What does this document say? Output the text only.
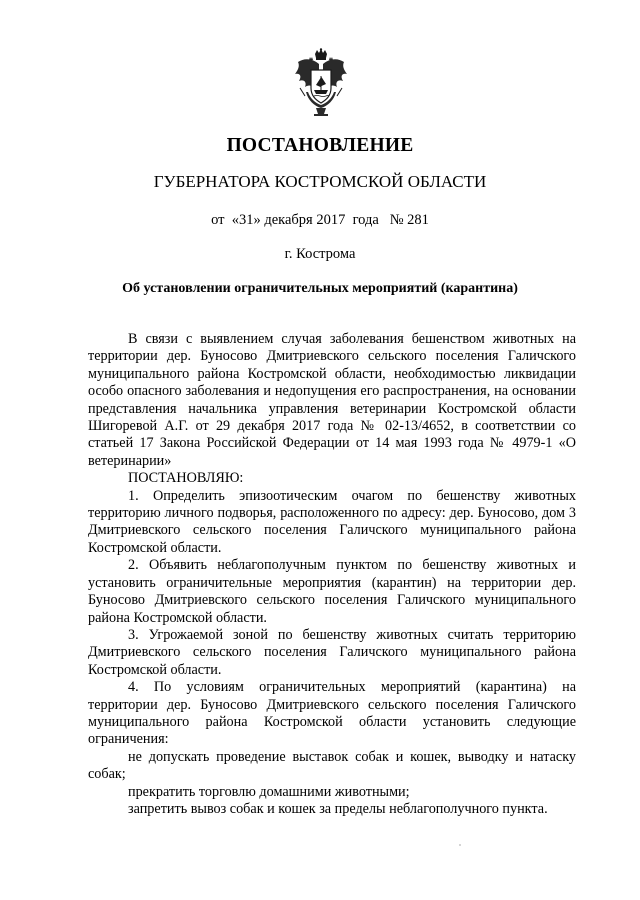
ПОСТАНОВЛЕНИЕ
ГУБЕРНАТОРА КОСТРОМСКОЙ ОБЛАСТИ
от  «31» декабря 2017  года   № 281
г. Кострома
Об установлении ограничительных мероприятий (карантина)

В связи с выявлением случая заболевания бешенством животных на территории дер. Буносово Дмитриевского сельского поселения Галичского муниципального района Костромской области, необходимостью ликвидации особо опасного заболевания и недопущения его распространения, на основании представления начальника управления ветеринарии Костромской области Шигоревой А.Г. от 29 декабря 2017 года № 02-13/4652, в соответствии со статьей 17 Закона Российской Федерации от 14 мая 1993 года № 4979-1 «О ветеринарии»

ПОСТАНОВЛЯЮ:

1. Определить эпизоотическим очагом по бешенству животных территорию личного подворья, расположенного по адресу: дер. Буносово, дом 3 Дмитриевского сельского поселения Галичского муниципального района Костромской области.

2. Объявить неблагополучным пунктом по бешенству животных и установить ограничительные мероприятия (карантин) на территории дер. Буносово Дмитриевского сельского поселения Галичского муниципального района Костромской области.

3. Угрожаемой зоной по бешенству животных считать территорию Дмитриевского сельского поселения Галичского муниципального района Костромской области.

4. По условиям ограничительных мероприятий (карантина) на территории дер. Буносово Дмитриевского сельского поселения Галичского муниципального района Костромской области установить следующие ограничения:

не допускать проведение выставок собак и кошек, выводку и натаску собак;

прекратить торговлю домашними животными;

запретить вывоз собак и кошек за пределы неблагополучного пункта.
